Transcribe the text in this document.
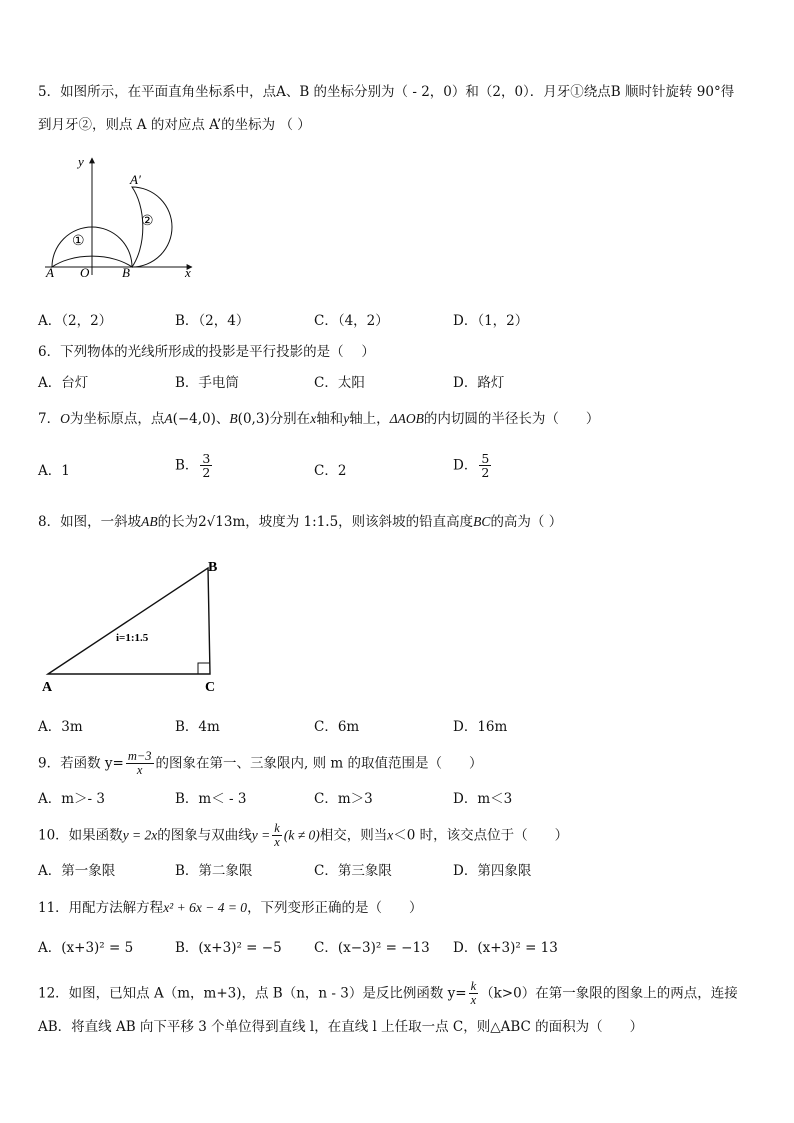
5．如图所示，在平面直角坐标系中，点A、B 的坐标分别为（ - 2，0）和（2，0）．月牙①绕点B 顺时针旋转 90°得
到月牙②，则点 A 的对应点 A’的坐标为 （ ）
y
x
A O	B
A′
①
②
A．（2，2）	B．（2，4）	C．（4，2）	D．（1，2）
6．下列物体的光线所形成的投影是平行投影的是（　 ）
A．台灯	B．手电筒	C．太阳	D．路灯
7．O为坐标原点，点A(−4,0)、B(0,3)分别在x轴和y轴上，ΔAOB的内切圆的半径长为（　　）
A．1	B． $\frac{3}{2}$	C．2	D． $\frac{5}{2}$
8．如图，一斜坡AB的长为2√13m，坡度为 1:1.5，则该斜坡的铅直高度BC的高为（ ）
B
A	C
i=1:1.5
A．3m	B．4m	C．6m	D．16m
9．若函数 $y= \frac{m-3}{x}$ 的图象在第一、三象限内, 则 m 的取值范围是（　　）
A．m＞- 3	B．m＜ - 3	C．m＞3	D．m＜3
10．如果函数y = 2x的图象与双曲线$y = \frac{k}{x} (k \ne 0)$相交，则当x＜0 时，该交点位于（　　）
A．第一象限	B．第二象限	C．第三象限	D．第四象限
11．用配方法解方程x² + 6x − 4 = 0，下列变形正确的是（　　）
A．(x+3)² = 5	B．(x+3)² = −5 C．(x−3)² = −13 D．(x+3)² = 13
12．如图，已知点 A（m，m+3)，点 B（n，n - 3）是反比例函数 $y= \frac{k}{x} (k>0)$在第一象限的图象上的两点，连接
AB．将直线 AB 向下平移 3 个单位得到直线 l，在直线 l 上任取一点 C，则△ABC 的面积为（　　）
